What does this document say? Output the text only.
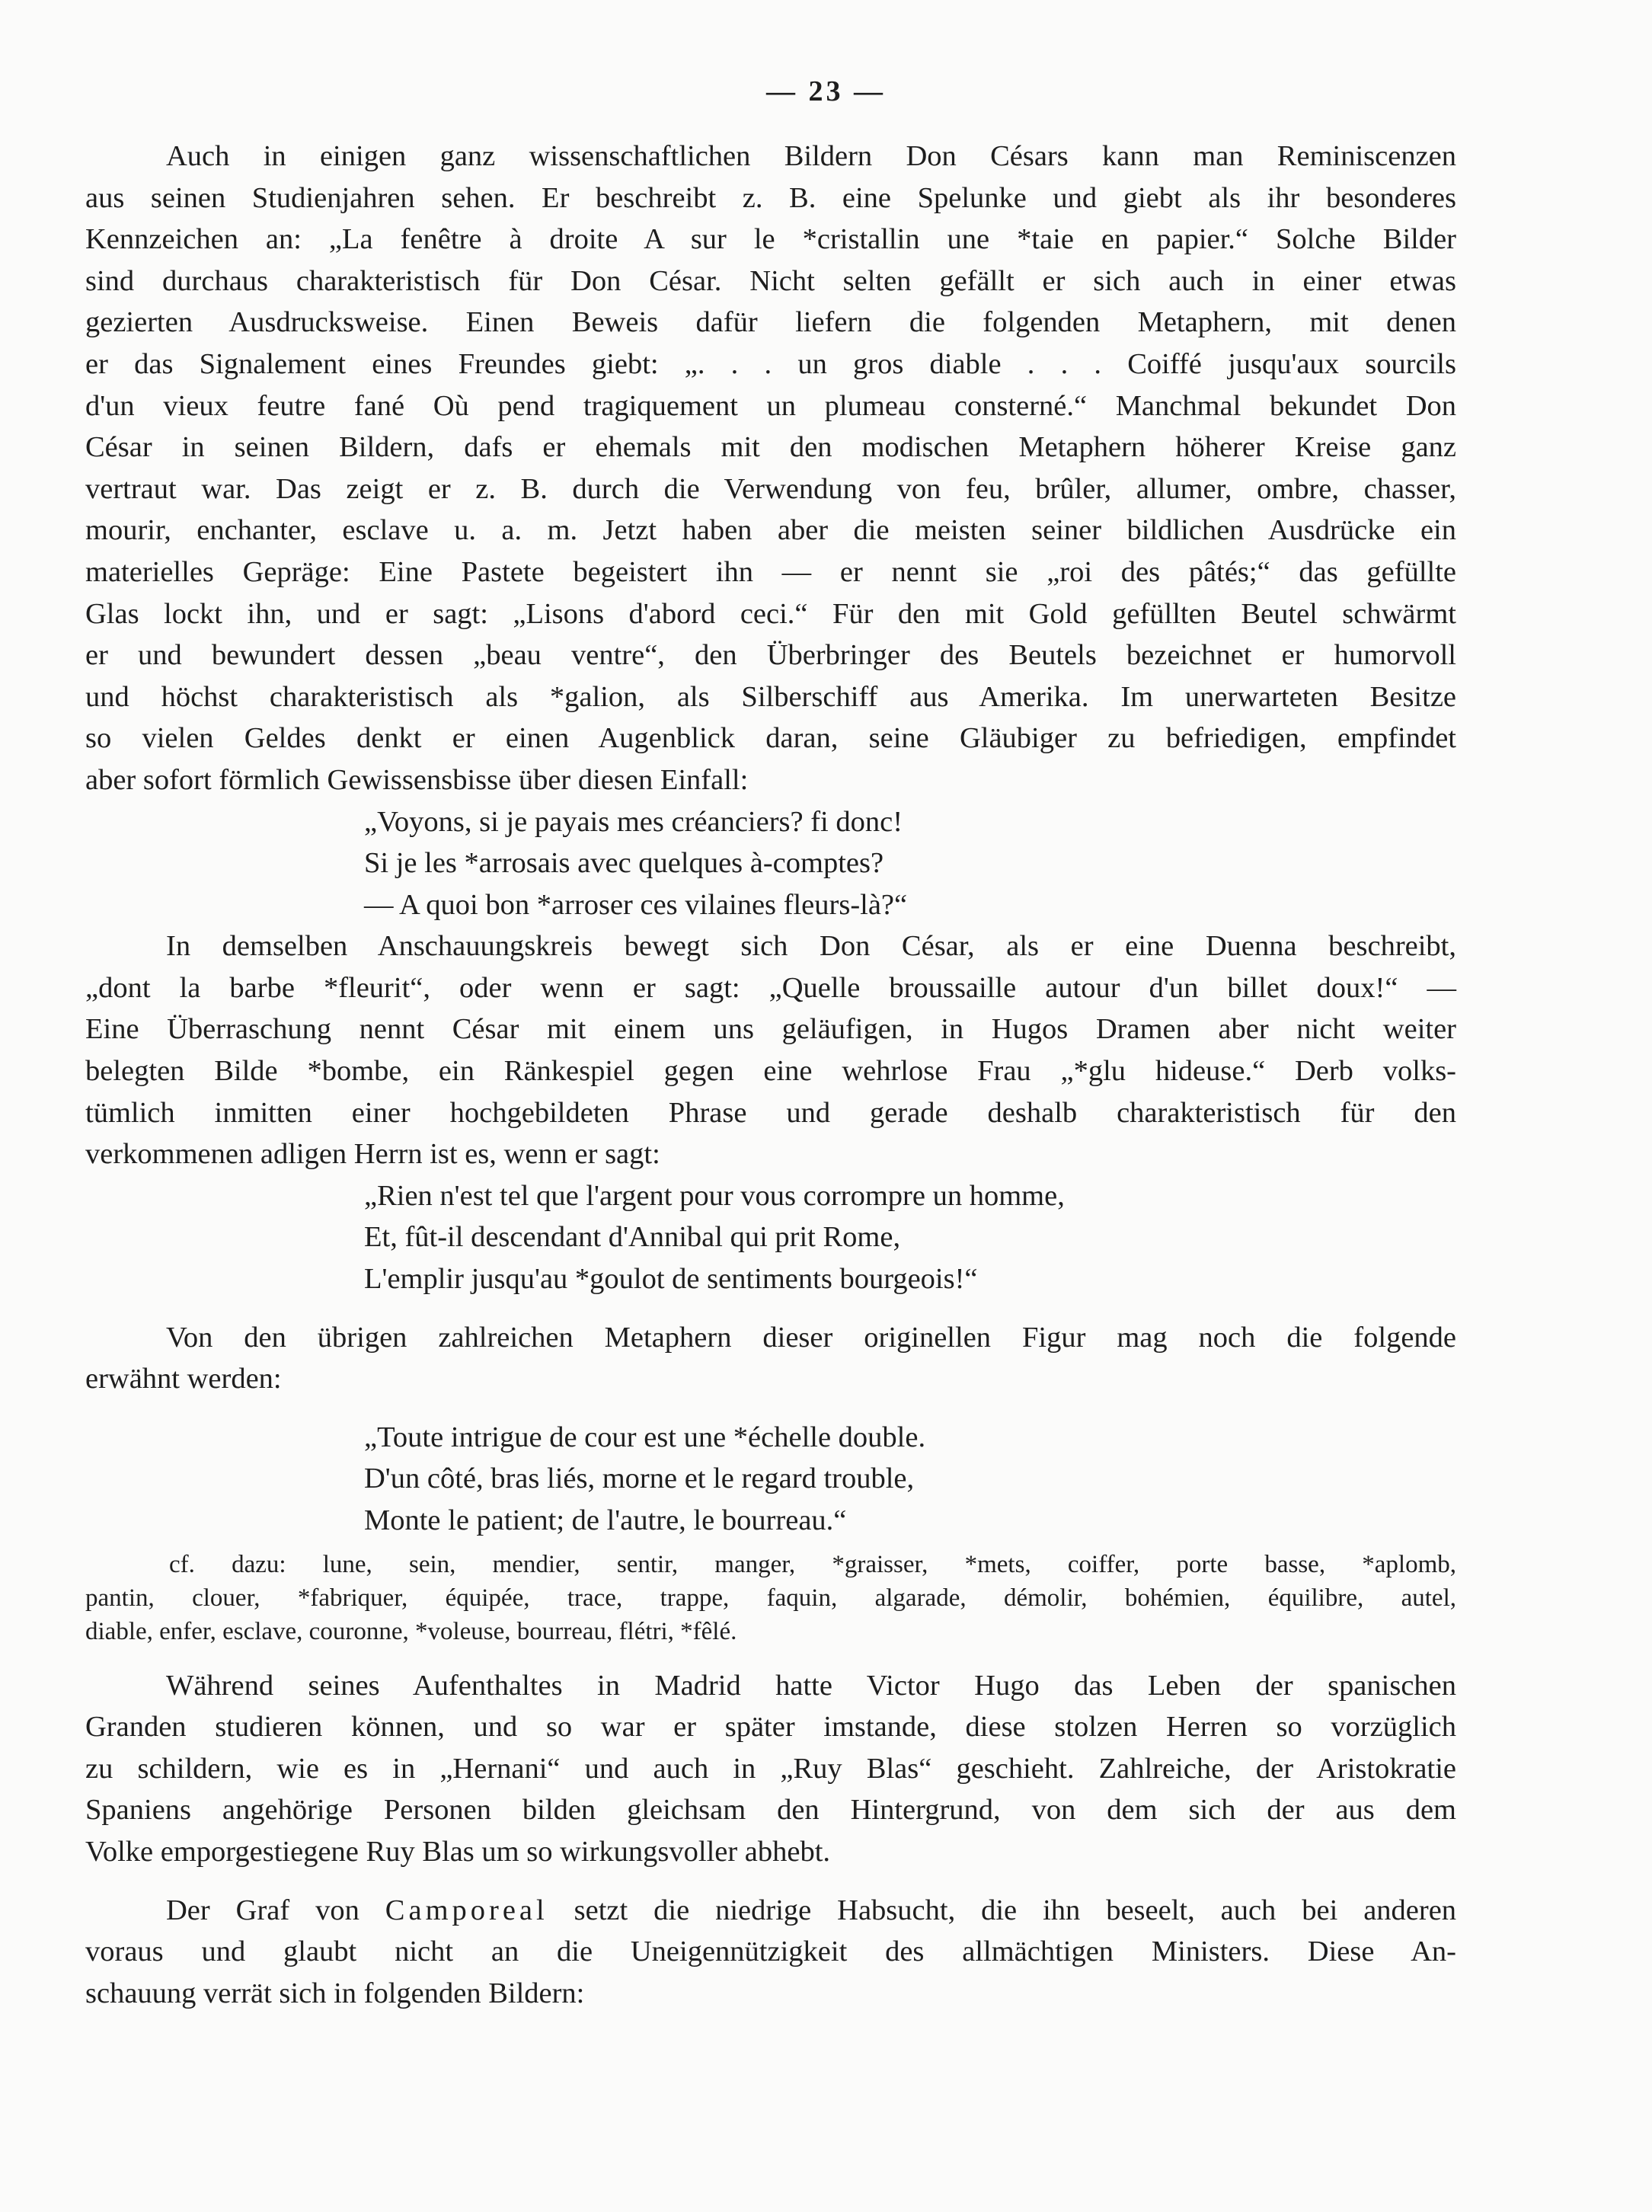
— 23 —
Auch in einigen ganz wissenschaftlichen Bildern Don Césars kann man Reminiscenzen
aus seinen Studienjahren sehen. Er beschreibt z. B. eine Spelunke und giebt als ihr besonderes
Kennzeichen an: „La fenêtre à droite A sur le *cristallin une *taie en papier.“ Solche Bilder
sind durchaus charakteristisch für Don César. Nicht selten gefällt er sich auch in einer etwas
gezierten Ausdrucksweise. Einen Beweis dafür liefern die folgenden Metaphern, mit denen
er das Signalement eines Freundes giebt: „. . . un gros diable . . . Coiffé jusqu'aux sourcils
d'un vieux feutre fané Où pend tragiquement un plumeau consterné.“ Manchmal bekundet Don
César in seinen Bildern, dafs er ehemals mit den modischen Metaphern höherer Kreise ganz
vertraut war. Das zeigt er z. B. durch die Verwendung von feu, brûler, allumer, ombre, chasser,
mourir, enchanter, esclave u. a. m. Jetzt haben aber die meisten seiner bildlichen Ausdrücke ein
materielles Gepräge: Eine Pastete begeistert ihn — er nennt sie „roi des pâtés;“ das gefüllte
Glas lockt ihn, und er sagt: „Lisons d'abord ceci.“ Für den mit Gold gefüllten Beutel schwärmt
er und bewundert dessen „beau ventre“, den Überbringer des Beutels bezeichnet er humorvoll
und höchst charakteristisch als *galion, als Silberschiff aus Amerika. Im unerwarteten Besitze
so vielen Geldes denkt er einen Augenblick daran, seine Gläubiger zu befriedigen, empfindet
aber sofort förmlich Gewissensbisse über diesen Einfall:
„Voyons, si je payais mes créanciers? fi donc!
Si je les *arrosais avec quelques à-comptes?
— A quoi bon *arroser ces vilaines fleurs-là?“
In demselben Anschauungskreis bewegt sich Don César, als er eine Duenna beschreibt,
„dont la barbe *fleurit“, oder wenn er sagt: „Quelle broussaille autour d'un billet doux!“ —
Eine Überraschung nennt César mit einem uns geläufigen, in Hugos Dramen aber nicht weiter
belegten Bilde *bombe, ein Ränkespiel gegen eine wehrlose Frau „*glu hideuse.“ Derb volks-
tümlich inmitten einer hochgebildeten Phrase und gerade deshalb charakteristisch für den
verkommenen adligen Herrn ist es, wenn er sagt:
„Rien n'est tel que l'argent pour vous corrompre un homme,
Et, fût-il descendant d'Annibal qui prit Rome,
L'emplir jusqu'au *goulot de sentiments bourgeois!“
Von den übrigen zahlreichen Metaphern dieser originellen Figur mag noch die folgende
erwähnt werden:
„Toute intrigue de cour est une *échelle double.
D'un côté, bras liés, morne et le regard trouble,
Monte le patient; de l'autre, le bourreau.“
cf. dazu: lune, sein, mendier, sentir, manger, *graisser, *mets, coiffer, porte basse, *aplomb,
pantin, clouer, *fabriquer, équipée, trace, trappe, faquin, algarade, démolir, bohémien, équilibre, autel,
diable, enfer, esclave, couronne, *voleuse, bourreau, flétri, *fêlé.
Während seines Aufenthaltes in Madrid hatte Victor Hugo das Leben der spanischen
Granden studieren können, und so war er später imstande, diese stolzen Herren so vorzüglich
zu schildern, wie es in „Hernani“ und auch in „Ruy Blas“ geschieht. Zahlreiche, der Aristokratie
Spaniens angehörige Personen bilden gleichsam den Hintergrund, von dem sich der aus dem
Volke emporgestiegene Ruy Blas um so wirkungsvoller abhebt.
Der Graf von Camporeal setzt die niedrige Habsucht, die ihn beseelt, auch bei anderen
voraus und glaubt nicht an die Uneigennützigkeit des allmächtigen Ministers. Diese An-
schauung verrät sich in folgenden Bildern:
